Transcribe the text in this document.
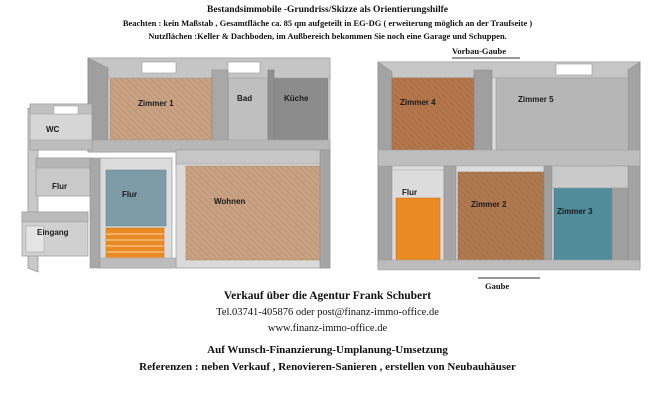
Bestandsimmobile -Grundriss/Skizze als Orientierungshilfe
Beachten : kein Maßstab , Gesamtfläche ca. 85 qm aufgeteilt in EG-DG ( erweiterung möglich an der Traufseite )
Nutzflächen :Keller & Dachboden, im Außbereich bekommen Sie noch eine Garage und Schuppen.
Zimmer 1
Bad	Küche
WC
Flur
Flur
Eingang
Wohnen
Zimmer 4	Zimmer 5
Flur
Zimmer 2
Zimmer 3
Vorbau-Gaube
Gaube
Verkauf über die Agentur Frank Schubert
Tel.03741-405876 oder post@finanz-immo-office.de
www.finanz-immo-office.de
Auf Wunsch-Finanzierung-Umplanung-Umsetzung
Referenzen : neben Verkauf , Renovieren-Sanieren , erstellen von Neubauhäuser
